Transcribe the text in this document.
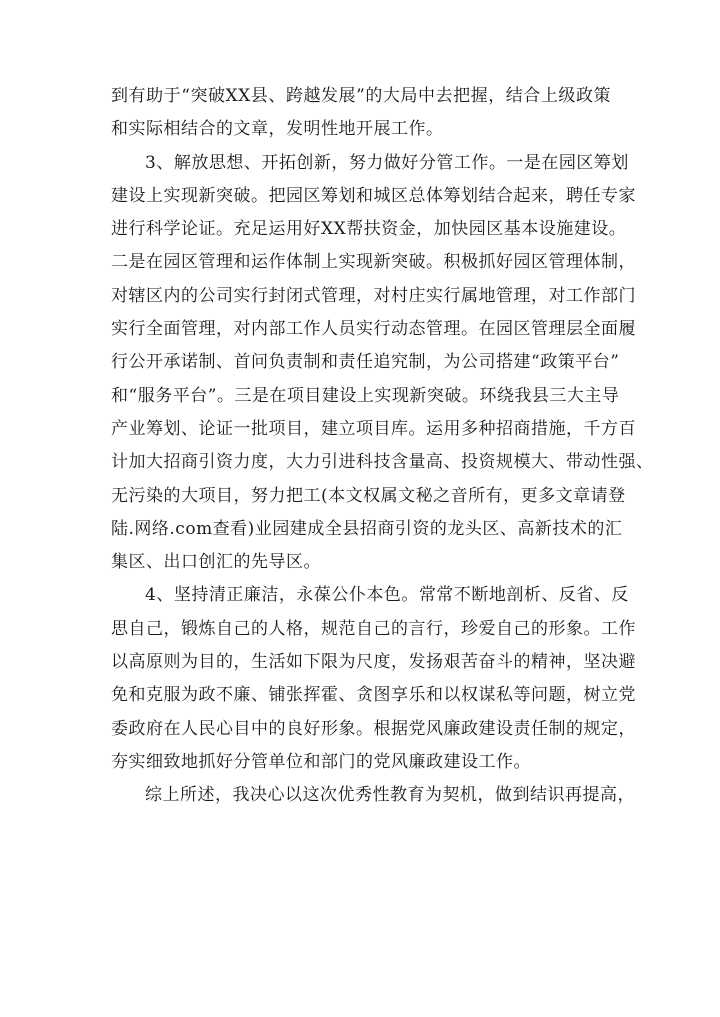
到有助于“突破XX县、跨越发展”的大局中去把握，结合上级政策
和实际相结合的文章，发明性地开展工作。
3、解放思想、开拓创新，努力做好分管工作。一是在园区筹划
建设上实现新突破。把园区筹划和城区总体筹划结合起来，聘任专家
进行科学论证。充足运用好XX帮扶资金，加快园区基本设施建设。
二是在园区管理和运作体制上实现新突破。积极抓好园区管理体制，
对辖区内的公司实行封闭式管理，对村庄实行属地管理，对工作部门
实行全面管理，对内部工作人员实行动态管理。在园区管理层全面履
行公开承诺制、首问负责制和责任追究制，为公司搭建“政策平台”
和“服务平台”。三是在项目建设上实现新突破。环绕我县三大主导
产业筹划、论证一批项目，建立项目库。运用多种招商措施，千方百
计加大招商引资力度，大力引进科技含量高、投资规模大、带动性强、
无污染的大项目，努力把工(本文权属文秘之音所有，更多文章请登
陆.网络.com查看)业园建成全县招商引资的龙头区、高新技术的汇
集区、出口创汇的先导区。
4、坚持清正廉洁，永葆公仆本色。常常不断地剖析、反省、反
思自己，锻炼自己的人格，规范自己的言行，珍爱自己的形象。工作
以高原则为目的，生活如下限为尺度，发扬艰苦奋斗的精神，坚决避
免和克服为政不廉、铺张挥霍、贪图享乐和以权谋私等问题，树立党
委政府在人民心目中的良好形象。根据党风廉政建设责任制的规定，
夯实细致地抓好分管单位和部门的党风廉政建设工作。
综上所述，我决心以这次优秀性教育为契机，做到结识再提高，
